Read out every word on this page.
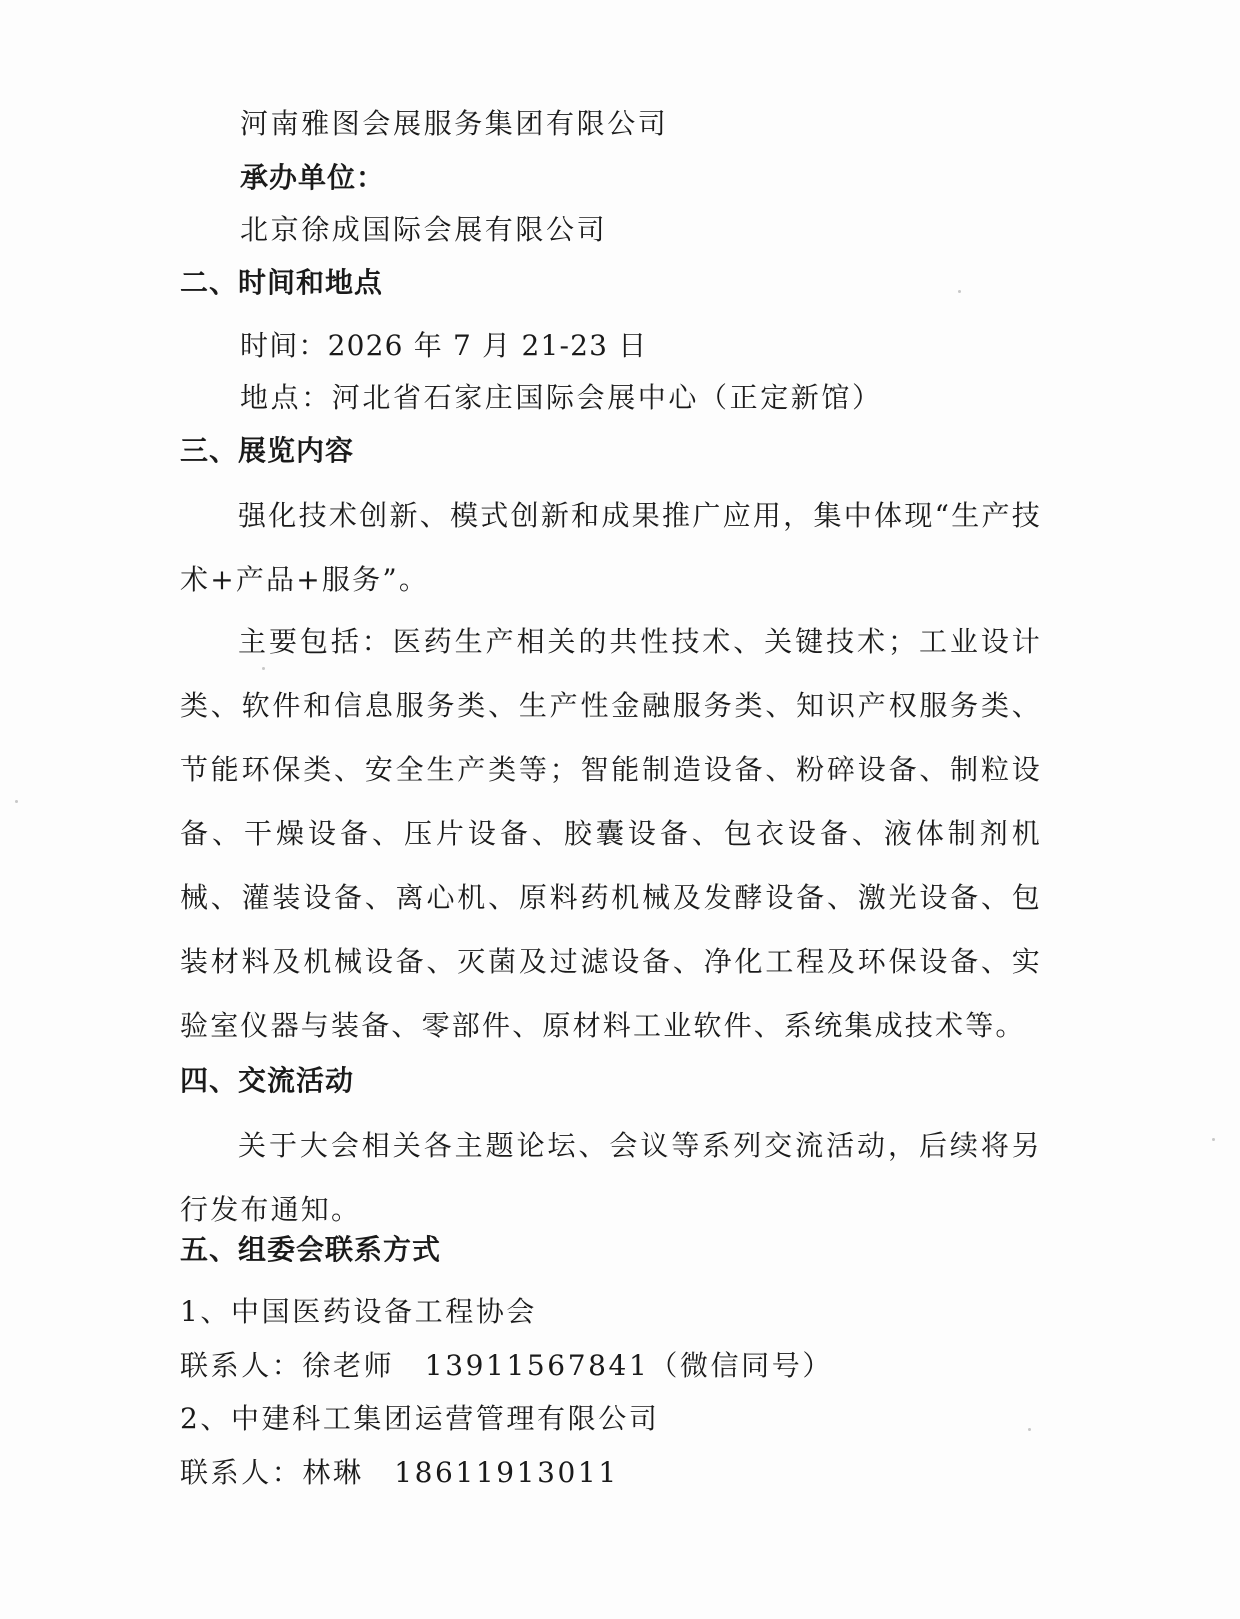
河南雅图会展服务集团有限公司
承办单位：
北京徐成国际会展有限公司
二、时间和地点
时间：2026 年 7 月 21-23 日
地点：河北省石家庄国际会展中心（正定新馆）
三、展览内容
强化技术创新、模式创新和成果推广应用，集中体现“生产技术+产品+服务”。
主要包括：医药生产相关的共性技术、关键技术；工业设计类、软件和信息服务类、生产性金融服务类、知识产权服务类、节能环保类、安全生产类等；智能制造设备、粉碎设备、制粒设备、干燥设备、压片设备、胶囊设备、包衣设备、液体制剂机械、灌装设备、离心机、原料药机械及发酵设备、激光设备、包装材料及机械设备、灭菌及过滤设备、净化工程及环保设备、实验室仪器与装备、零部件、原材料工业软件、系统集成技术等。
四、交流活动
关于大会相关各主题论坛、会议等系列交流活动，后续将另行发布通知。
五、组委会联系方式
1、中国医药设备工程协会
联系人：徐老师　13911567841（微信同号）
2、中建科工集团运营管理有限公司
联系人：林琳　18611913011
